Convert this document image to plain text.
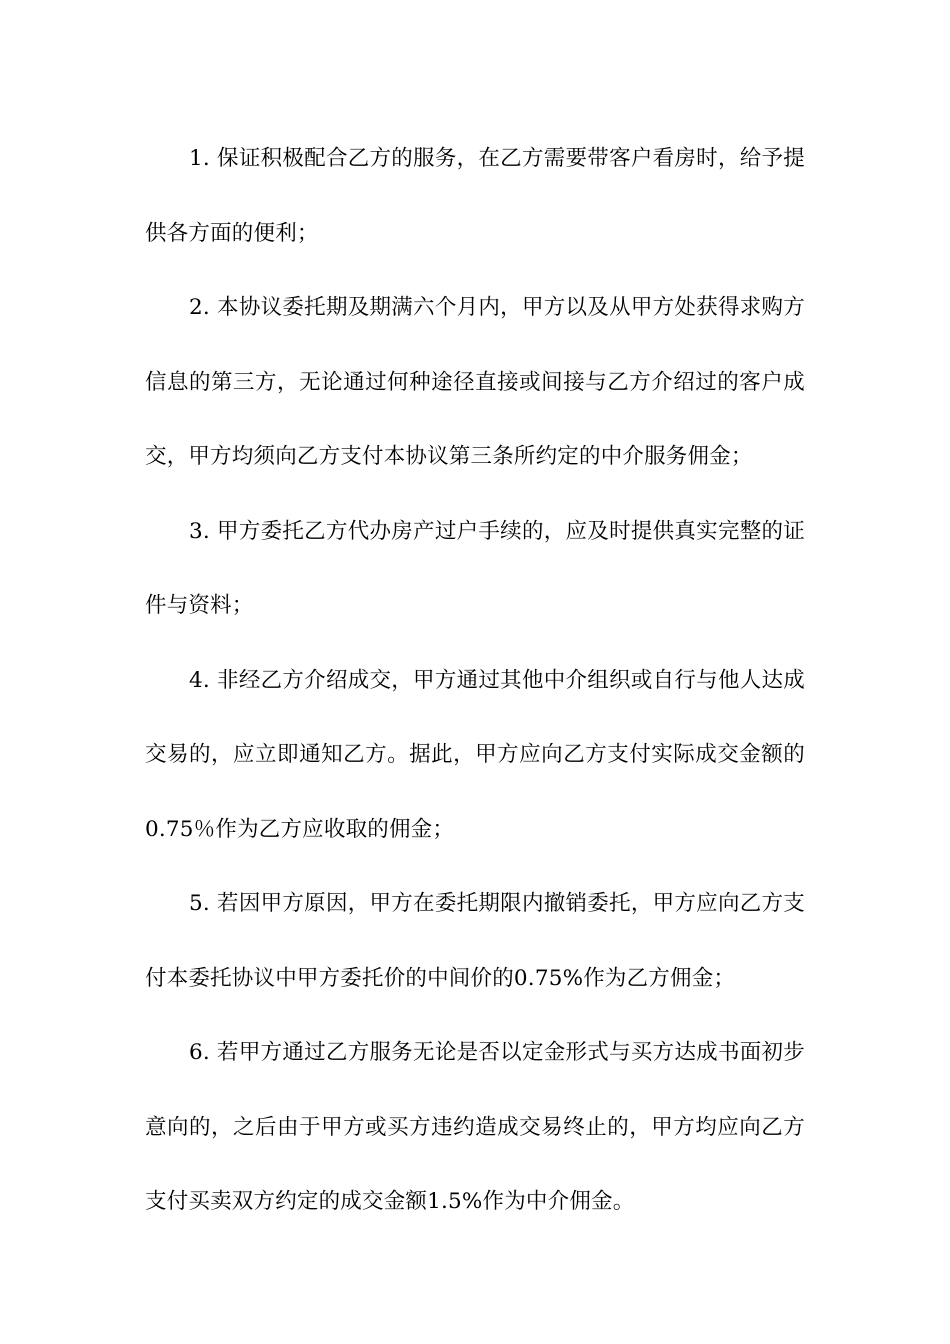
1. 保证积极配合乙方的服务，在乙方需要带客户看房时，给予提供各方面的便利；

2. 本协议委托期及期满六个月内，甲方以及从甲方处获得求购方信息的第三方，无论通过何种途径直接或间接与乙方介绍过的客户成交，甲方均须向乙方支付本协议第三条所约定的中介服务佣金；

3. 甲方委托乙方代办房产过户手续的，应及时提供真实完整的证件与资料；

4. 非经乙方介绍成交，甲方通过其他中介组织或自行与他人达成交易的，应立即通知乙方。据此，甲方应向乙方支付实际成交金额的0.75％作为乙方应收取的佣金；

5. 若因甲方原因，甲方在委托期限内撤销委托，甲方应向乙方支付本委托协议中甲方委托价的中间价的0.75%作为乙方佣金；

6. 若甲方通过乙方服务无论是否以定金形式与买方达成书面初步意向的，之后由于甲方或买方违约造成交易终止的，甲方均应向乙方支付买卖双方约定的成交金额1.5%作为中介佣金。
